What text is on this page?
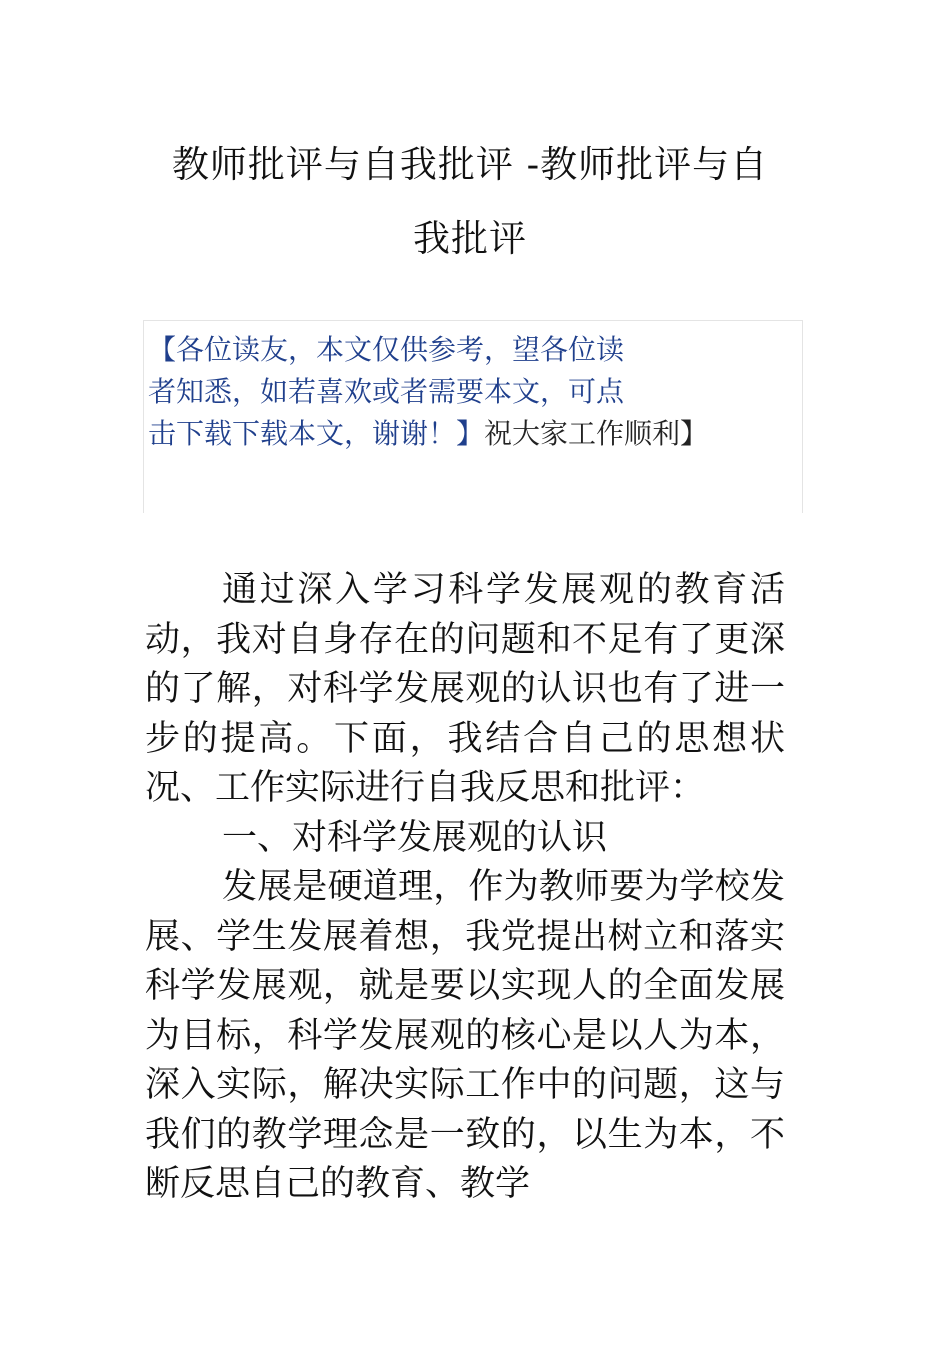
教师批评与自我批评 -教师批评与自
我批评
【各位读友，本文仅供参考，望各位读
者知悉，如若喜欢或者需要本文，可点
击下载下载本文，谢谢！】祝大家工作顺利】

通过深入学习科学发展观的教育活动，我对自身存在的问题和不足有了更深的了解，对科学发展观的认识也有了进一步的提高。下面，我结合自己的思想状况、工作实际进行自我反思和批评：

一、对科学发展观的认识

发展是硬道理，作为教师要为学校发展、学生发展着想，我党提出树立和落实科学发展观，就是要以实现人的全面发展为目标，科学发展观的核心是以人为本，深入实际，解决实际工作中的问题，这与我们的教学理念是一致的，以生为本，不断反思自己的教育、教学
